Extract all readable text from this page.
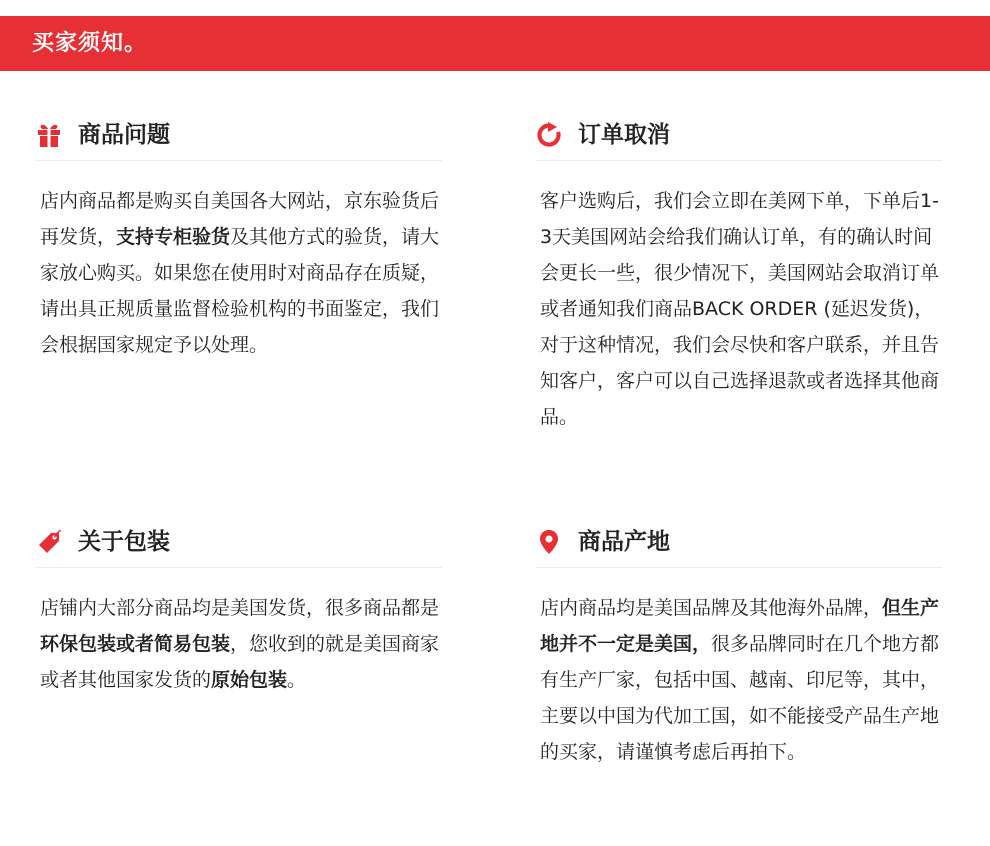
买家须知。
商品问题
店内商品都是购买自美国各大网站，京东验货后再发货，支持专柜验货及其他方式的验货，请大家放心购买。如果您在使用时对商品存在质疑，请出具正规质量监督检验机构的书面鉴定，我们会根据国家规定予以处理。
订单取消
客户选购后，我们会立即在美网下单，下单后1-3天美国网站会给我们确认订单，有的确认时间会更长一些，很少情况下，美国网站会取消订单或者通知我们商品BACK ORDER (延迟发货)，对于这种情况，我们会尽快和客户联系，并且告知客户，客户可以自己选择退款或者选择其他商品。
关于包装
店铺内大部分商品均是美国发货，很多商品都是环保包装或者简易包装，您收到的就是美国商家或者其他国家发货的原始包装。
商品产地
店内商品均是美国品牌及其他海外品牌，但生产地并不一定是美国，很多品牌同时在几个地方都有生产厂家，包括中国、越南、印尼等，其中，主要以中国为代加工国，如不能接受产品生产地的买家，请谨慎考虑后再拍下。
